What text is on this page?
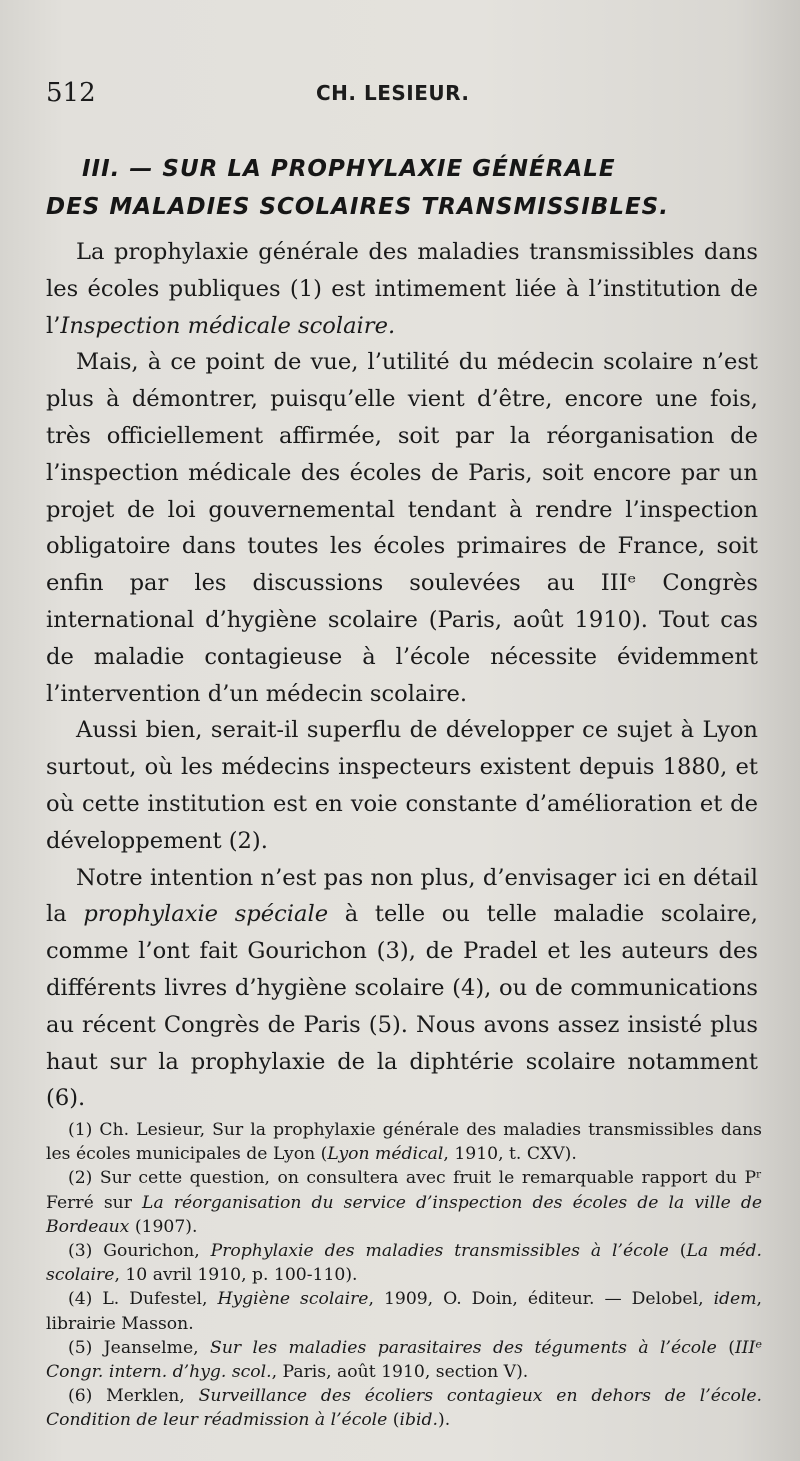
512	CH. LESIEUR.
III. — SUR LA PROPHYLAXIE GÉNÉRALE
DES MALADIES SCOLAIRES TRANSMISSIBLES.

La prophylaxie générale des maladies transmissibles dans les écoles publiques (1) est intimement liée à l’institution de l’Inspection médicale scolaire.

Mais, à ce point de vue, l’utilité du médecin scolaire n’est plus à démontrer, puisqu’elle vient d’être, encore une fois, très officiellement affirmée, soit par la réorganisation de l’inspection médicale des écoles de Paris, soit encore par un projet de loi gouvernemental tendant à rendre l’inspection obligatoire dans toutes les écoles primaires de France, soit enfin par les discussions soulevées au IIIᵉ Congrès international d’hygiène scolaire (Paris, août 1910). Tout cas de maladie contagieuse à l’école nécessite évidemment l’intervention d’un médecin scolaire.

Aussi bien, serait-il superflu de développer ce sujet à Lyon surtout, où les médecins inspecteurs existent depuis 1880, et où cette institution est en voie constante d’amélioration et de développement (2).

Notre intention n’est pas non plus, d’envisager ici en détail la prophylaxie spéciale à telle ou telle maladie scolaire, comme l’ont fait Gourichon (3), de Pradel et les auteurs des différents livres d’hygiène scolaire (4), ou de communications au récent Congrès de Paris (5). Nous avons assez insisté plus haut sur la prophylaxie de la diphtérie scolaire notamment (6).

(1) Ch. Lesieur, Sur la prophylaxie générale des maladies transmissibles dans les écoles municipales de Lyon (Lyon médical, 1910, t. CXV).

(2) Sur cette question, on consultera avec fruit le remarquable rapport du Pʳ Ferré sur La réorganisation du service d’inspection des écoles de la ville de Bordeaux (1907).

(3) Gourichon, Prophylaxie des maladies transmissibles à l’école (La méd. scolaire, 10 avril 1910, p. 100-110).

(4) L. Dufestel, Hygiène scolaire, 1909, O. Doin, éditeur. — Delobel, idem, librairie Masson.

(5) Jeanselme, Sur les maladies parasitaires des téguments à l’école (IIIᵉ Congr. intern. d’hyg. scol., Paris, août 1910, section V).

(6) Merklen, Surveillance des écoliers contagieux en dehors de l’école. Condition de leur réadmission à l’école (ibid.).
